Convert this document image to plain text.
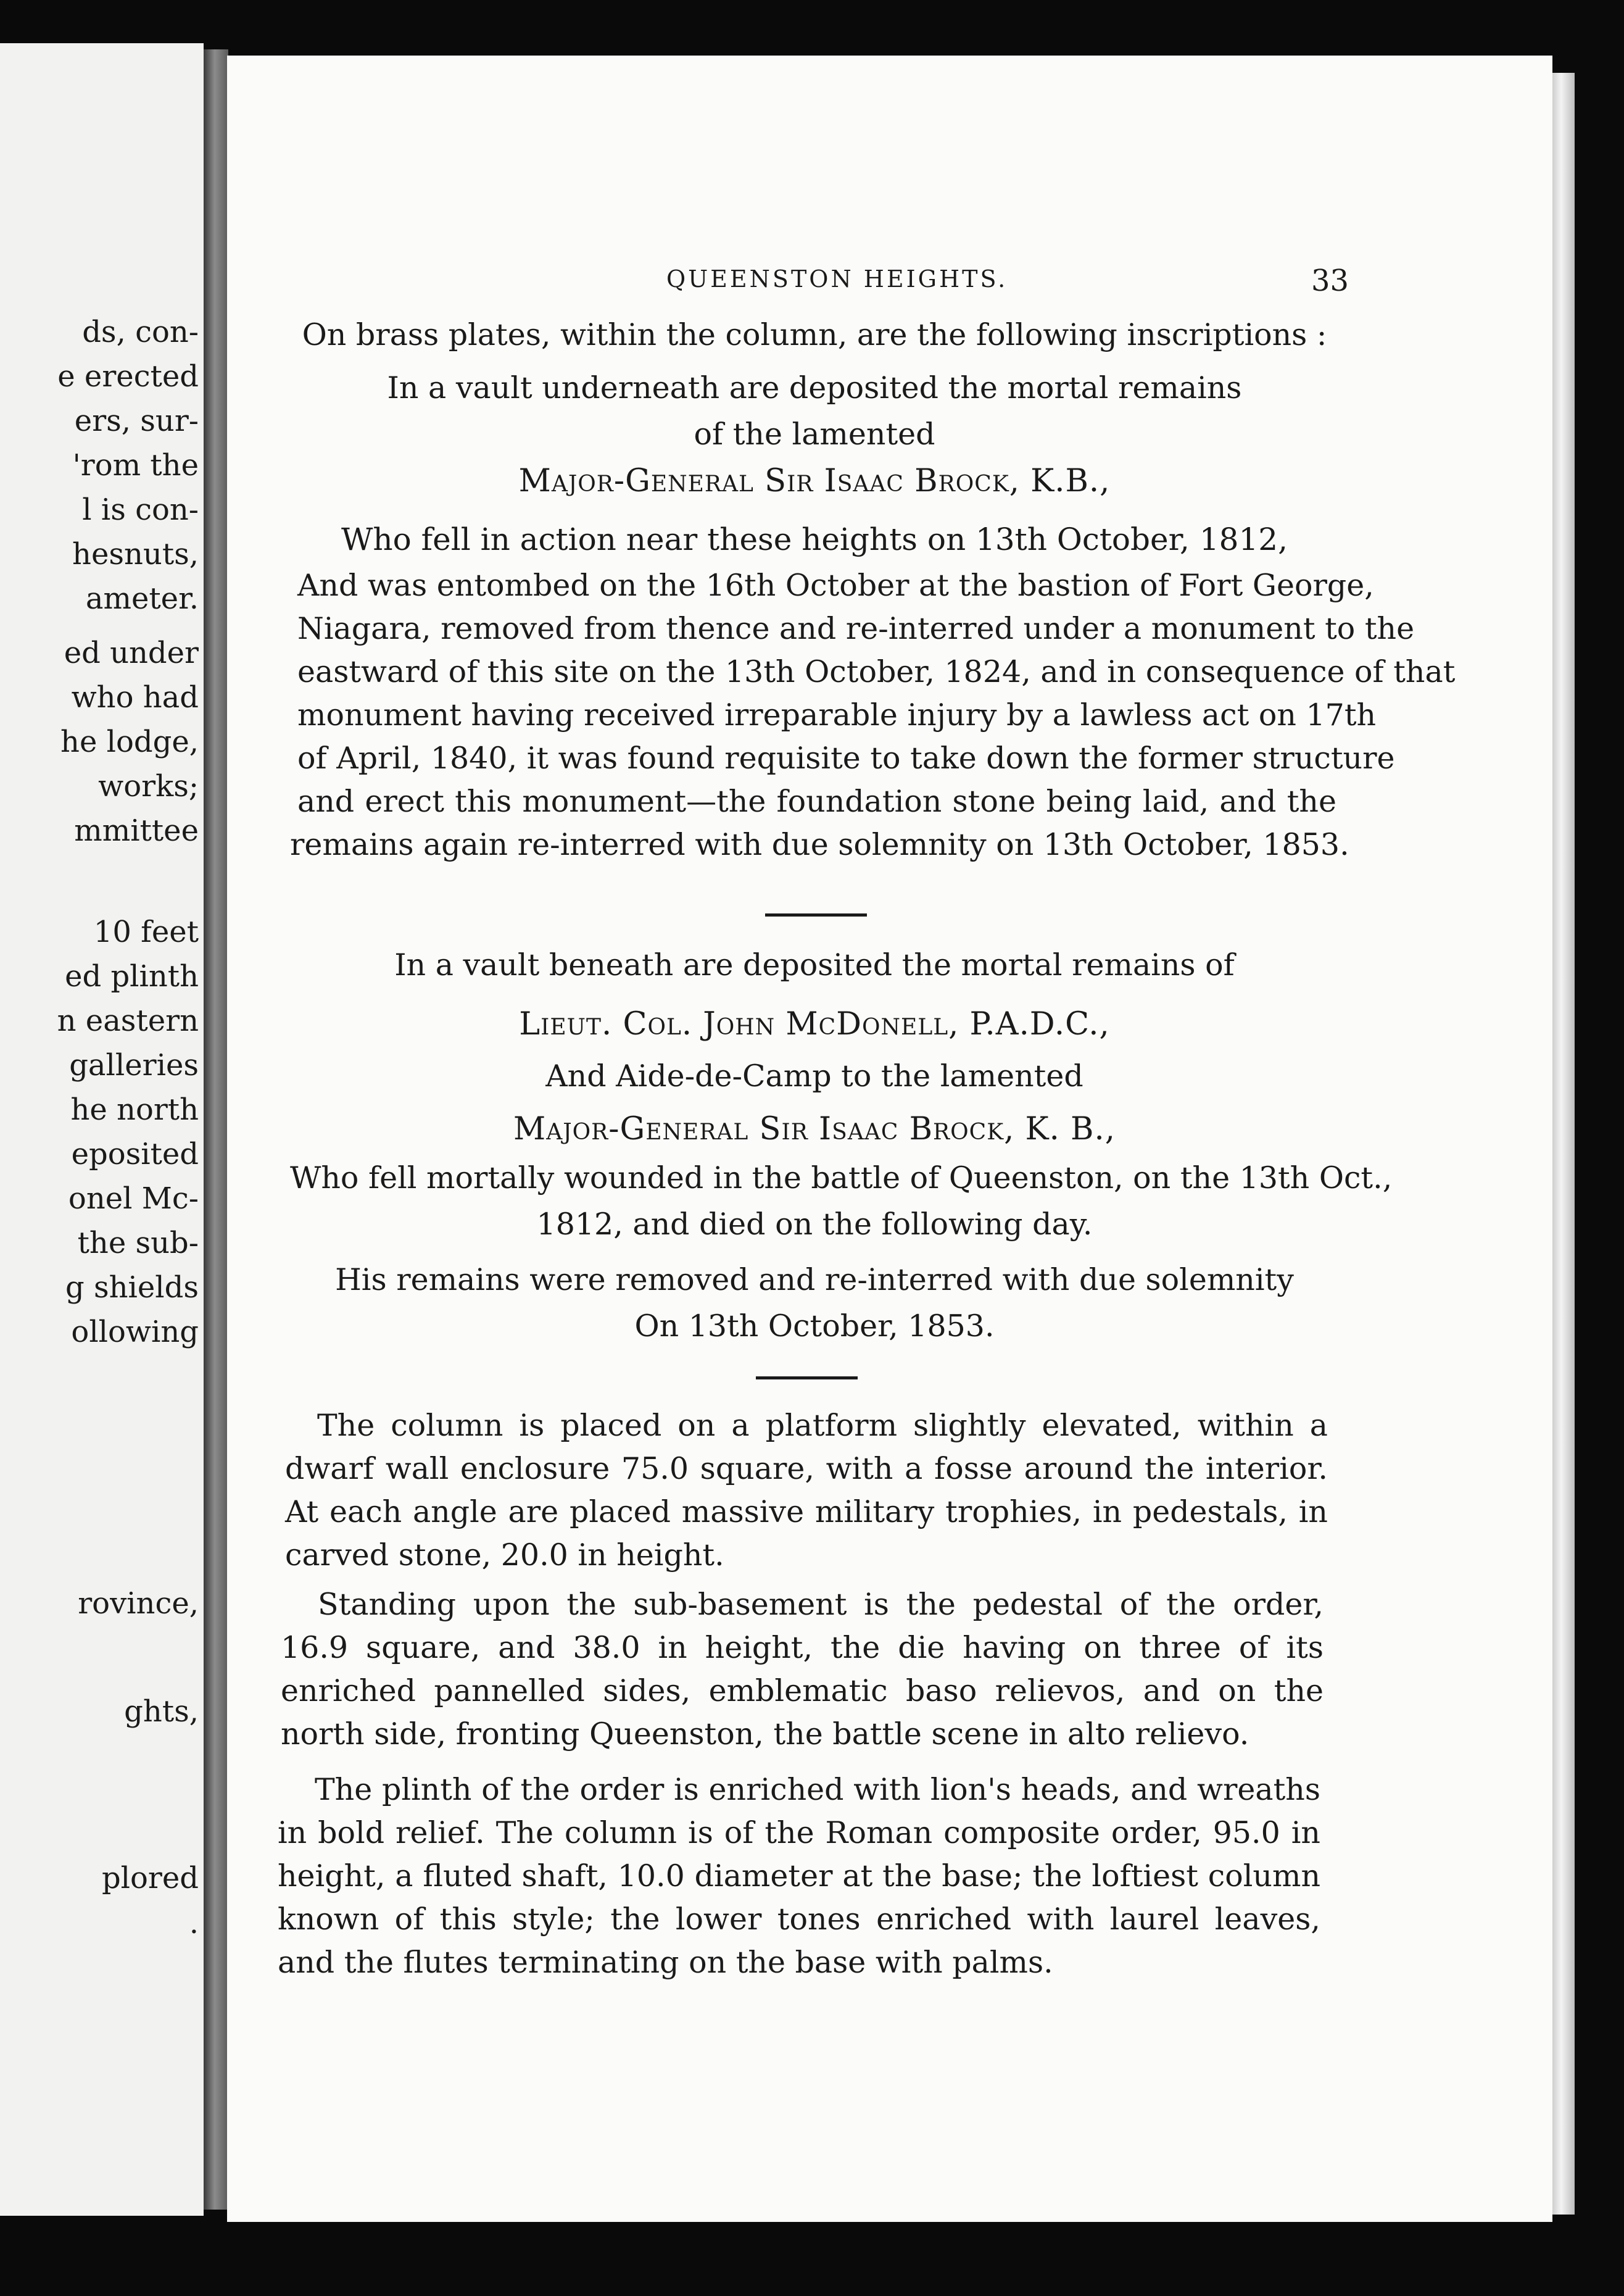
ds, con-
e erected
ers, sur-
'rom the
l is con-
hesnuts,
ameter.
ed under
who had
he lodge,
works;
mmittee
10 feet
ed plinth
n eastern
galleries
he north
eposited
onel Mc-
the sub-
g shields
ollowing
rovince,
ghts,
plored
.
QUEENSTON HEIGHTS.	33
On brass plates, within the column, are the following inscriptions :
In a vault underneath are deposited the mortal remains
of the lamented
Major-General Sir Isaac Brock, K.B.,
Who fell in action near these heights on 13th October, 1812,
And was entombed on the 16th October at the bastion of Fort George,
Niagara, removed from thence and re-interred under a monument to the
eastward of this site on the 13th October, 1824, and in consequence of that
monument having received irreparable injury by a lawless act on 17th
of April, 1840, it was found requisite to take down the former structure
and erect this monument—the foundation stone being laid, and the
remains again re-interred with due solemnity on 13th October, 1853.
In a vault beneath are deposited the mortal remains of
Lieut. Col. John McDonell, P.A.D.C.,
And Aide-de-Camp to the lamented
Major-General Sir Isaac Brock, K. B.,
Who fell mortally wounded in the battle of Queenston, on the 13th Oct.,
1812, and died on the following day.
His remains were removed and re-interred with due solemnity
On 13th October, 1853.
The column is placed on a platform slightly elevated, within a dwarf wall enclosure 75.0 square, with a fosse around the interior. At each angle are placed massive military trophies, in pedestals, in carved stone, 20.0 in height.
Standing upon the sub-basement is the pedestal of the order, 16.9 square, and 38.0 in height, the die having on three of its enriched pannelled sides, emblematic baso relievos, and on the north side, fronting Queenston, the battle scene in alto relievo.
The plinth of the order is enriched with lion's heads, and wreaths in bold relief. The column is of the Roman composite order, 95.0 in height, a fluted shaft, 10.0 diameter at the base; the loftiest column known of this style; the lower tones enriched with laurel leaves, and the flutes terminating on the base with palms.
